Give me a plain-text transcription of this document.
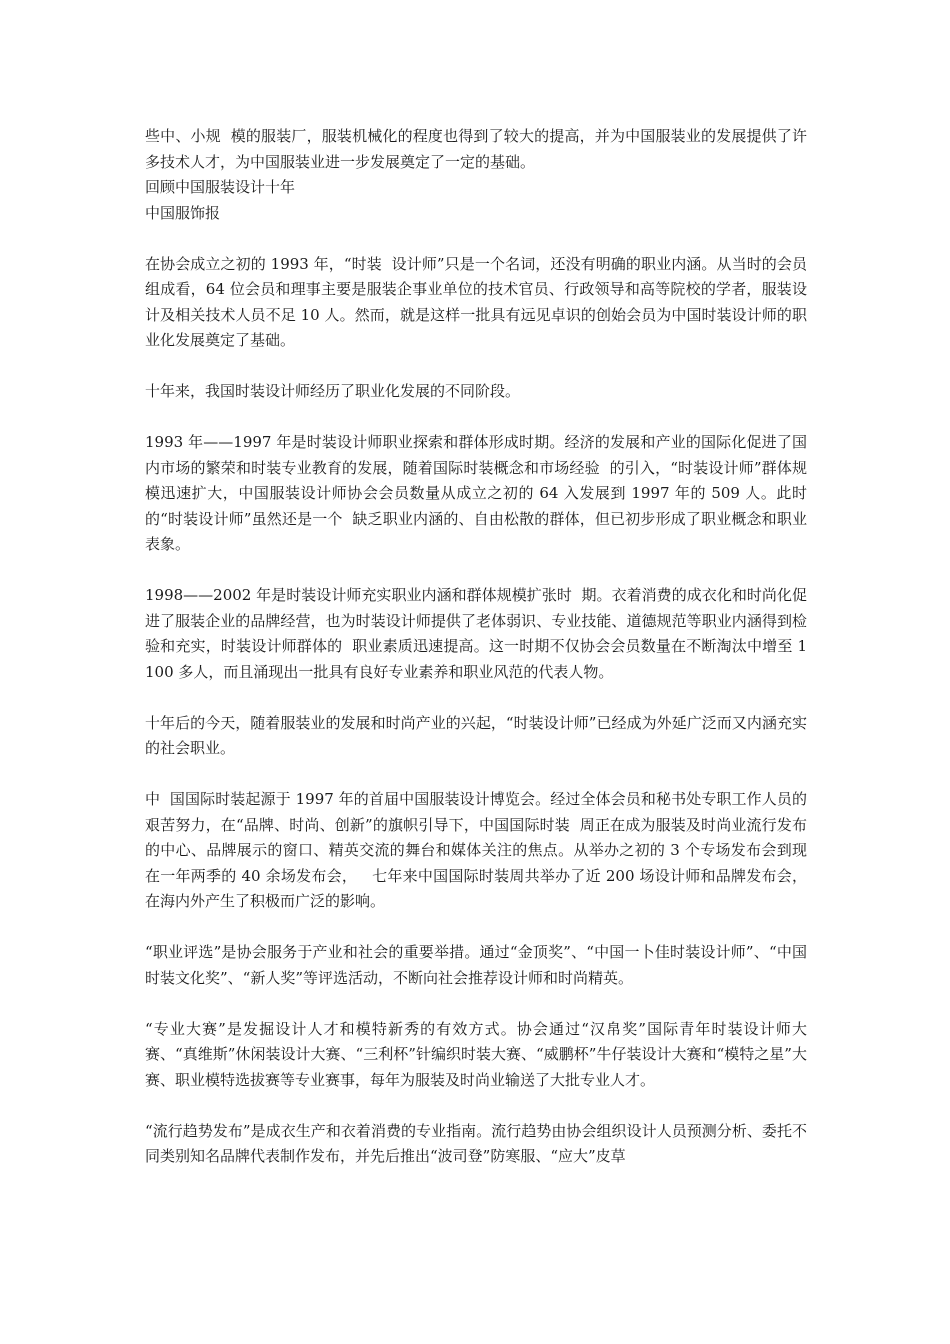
些中、小规  模的服装厂，服装机械化的程度也得到了较大的提高，并为中国服装业的发展提供了许多技术人才，为中国服装业进一步发展奠定了一定的基础。

回顾中国服装设计十年

中国服饰报

在协会成立之初的 1993 年，“时装  设计师”只是一个名词，还没有明确的职业内涵。从当时的会员组成看，64 位会员和理事主要是服装企事业单位的技术官员、行政领导和高等院校的学者，服装设  计及相关技术人员不足 10 人。然而，就是这样一批具有远见卓识的创始会员为中国时装设计师的职业化发展奠定了基础。

十年来，我国时装设计师经历了职业化发展的不同阶段。

1993 年——1997 年是时装设计师职业探索和群体形成时期。经济的发展和产业的国际化促进了国内市场的繁荣和时装专业教育的发展，随着国际时装概念和市场经验  的引入，“时装设计师”群体规模迅速扩大，中国服装设计师协会会员数量从成立之初的 64 入发展到 1997 年的 509 人。此时的“时装设计师”虽然还是一个  缺乏职业内涵的、自由松散的群体，但已初步形成了职业概念和职业表象。

1998——2002 年是时装设计师充实职业内涵和群体规模扩张时  期。衣着消费的成衣化和时尚化促进了服装企业的品牌经营，也为时装设计师提供了老体弱识、专业技能、道德规范等职业内涵得到检验和充实，时装设计师群体的  职业素质迅速提高。这一时期不仅协会会员数量在不断淘汰中增至 1100 多人，而且涌现出一批具有良好专业素养和职业风范的代表人物。

十年后的今天，随着服装业的发展和时尚产业的兴起，“时装设计师”已经成为外延广泛而又内涵充实的社会职业。

中  国国际时装起源于 1997 年的首届中国服装设计博览会。经过全体会员和秘书处专职工作人员的艰苦努力，在“品牌、时尚、创新”的旗帜引导下，中国国际时装  周正在成为服装及时尚业流行发布的中心、品牌展示的窗口、精英交流的舞台和媒体关注的焦点。从举办之初的 3 个专场发布会到现在一年两季的 40 余场发布会，   七年来中国国际时装周共举办了近 200 场设计师和品牌发布会，在海内外产生了积极而广泛的影响。

“职业评选”是协会服务于产业和社会的重要举措。通过“金顶奖”、“中国一卜佳时装设计师”、“中国时装文化奖”、“新人奖”等评选活动，不断向社会推荐设计师和时尚精英。

“专业大赛”是发掘设计人才和模特新秀的有效方式。协会通过“汉帛奖”国际青年时装设计师大赛、“真维斯”休闲装设计大赛、“三利杯”针编织时装大赛、“威鹏杯”牛仔装设计大赛和“模特之星”大赛、职业模特选拔赛等专业赛事，每年为服装及时尚业输送了大批专业人才。

“流行趋势发布”是成衣生产和衣着消费的专业指南。流行趋势由协会组织设计人员预测分析、委托不同类别知名品牌代表制作发布，并先后推出“波司登”防寒服、“应大”皮草
